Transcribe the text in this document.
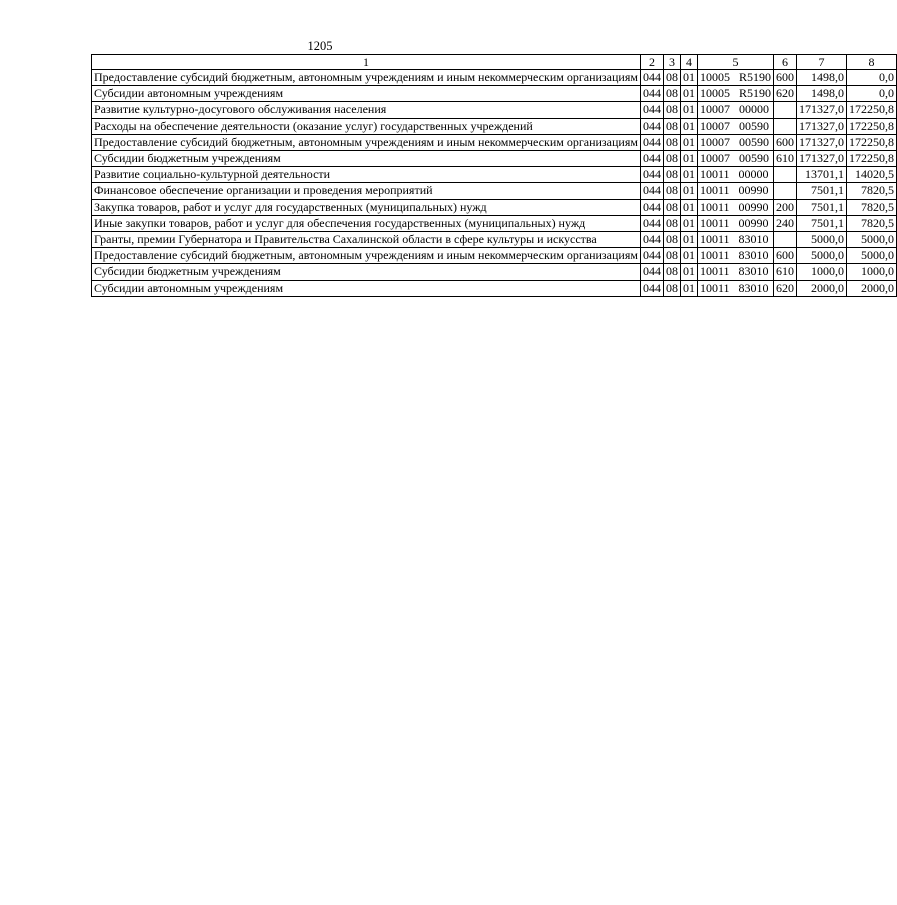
1205
1	2	3	4	5	6	7	8
Предоставление субсидий бюджетным, автономным учреждениям и иным некоммерческим организациям	044	08	01	10005 R5190	600	1498,0	0,0
Субсидии автономным учреждениям	044	08	01	10005 R5190	620	1498,0	0,0
Развитие культурно-досугового обслуживания населения	044	08	01	10007 00000		171327,0	172250,8
Расходы на обеспечение деятельности (оказание услуг) государственных учреждений	044	08	01	10007 00590		171327,0	172250,8
Предоставление субсидий бюджетным, автономным учреждениям и иным некоммерческим организациям	044	08	01	10007 00590	600	171327,0	172250,8
Субсидии бюджетным учреждениям	044	08	01	10007 00590	610	171327,0	172250,8
Развитие социально-культурной деятельности	044	08	01	10011 00000		13701,1	14020,5
Финансовое обеспечение организации и проведения мероприятий	044	08	01	10011 00990		7501,1	7820,5
Закупка товаров, работ и услуг для государственных (муниципальных) нужд	044	08	01	10011 00990	200	7501,1	7820,5
Иные закупки товаров, работ и услуг для обеспечения государственных (муниципальных) нужд	044	08	01	10011 00990	240	7501,1	7820,5
Гранты, премии Губернатора и Правительства Сахалинской области в сфере культуры и искусства	044	08	01	10011 83010		5000,0	5000,0
Предоставление субсидий бюджетным, автономным учреждениям и иным некоммерческим организациям	044	08	01	10011 83010	600	5000,0	5000,0
Субсидии бюджетным учреждениям	044	08	01	10011 83010	610	1000,0	1000,0
Субсидии автономным учреждениям	044	08	01	10011 83010	620	2000,0	2000,0
